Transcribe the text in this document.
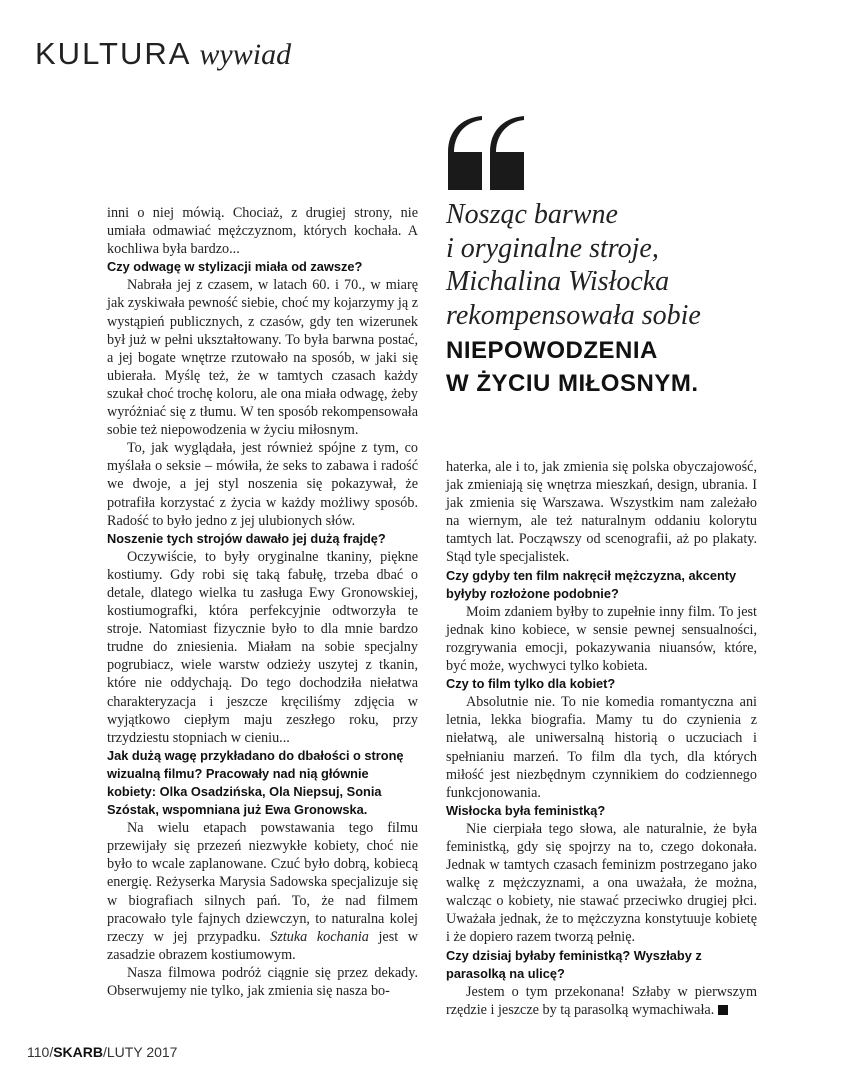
KULTURA wywiad
Nosząc barwne
i oryginalne stroje,
Michalina Wisłocka
rekompensowała sobie
NIEPOWODZENIA
W ŻYCIU MIŁOSNYM.

inni o niej mówią. Chociaż, z drugiej strony, nie umiała odmawiać mężczyznom, których kochała. A kochliwa była bardzo...

Czy odwagę w stylizacji miała od zawsze?

Nabrała jej z czasem, w latach 60. i 70., w miarę jak zyskiwała pewność siebie, choć my kojarzymy ją z wystąpień publicznych, z czasów, gdy ten wizerunek był już w pełni ukształtowany. To była barwna postać, a jej bogate wnętrze rzutowało na sposób, w jaki się ubierała. Myślę też, że w tamtych czasach każdy szukał choć trochę koloru, ale ona miała odwagę, żeby wyróżniać się z tłumu. W ten sposób rekompensowała sobie też niepowodzenia w życiu miłosnym.

To, jak wyglądała, jest również spójne z tym, co myślała o seksie – mówiła, że seks to zabawa i radość we dwoje, a jej styl noszenia się pokazywał, że potrafiła korzystać z życia w każdy możliwy sposób. Radość to było jedno z jej ulubionych słów.

Noszenie tych strojów dawało jej dużą frajdę?

Oczywiście, to były oryginalne tkaniny, piękne kostiumy. Gdy robi się taką fabułę, trzeba dbać o detale, dlatego wielka tu zasługa Ewy Gronowskiej, kostiumografki, która perfekcyjnie odtworzyła te stroje. Natomiast fizycznie było to dla mnie bardzo trudne do zniesienia. Miałam na sobie specjalny pogrubiacz, wiele warstw odzieży uszytej z tkanin, które nie oddychają. Do tego dochodziła niełatwa charakteryzacja i jeszcze kręciliśmy zdjęcia w wyjątkowo ciepłym maju zeszłego roku, przy trzydziestu stopniach w cieniu...

Jak dużą wagę przykładano do dbałości o stronę wizualną filmu? Pracowały nad nią głównie kobiety: Olka Osadzińska, Ola Niepsuj, Sonia Szóstak, wspomniana już Ewa Gronowska.

Na wielu etapach powstawania tego filmu przewijały się przezeń niezwykłe kobiety, choć nie było to wcale zaplanowane. Czuć było dobrą, kobiecą energię. Reżyserka Marysia Sadowska specjalizuje się w biografiach silnych pań. To, że nad filmem pracowało tyle fajnych dziewczyn, to naturalna kolej rzeczy w jej przypadku. Sztuka kochania jest w zasadzie obrazem kostiumowym.

Nasza filmowa podróż ciągnie się przez dekady. Obserwujemy nie tylko, jak zmienia się nasza bo-

haterka, ale i to, jak zmienia się polska obyczajowość, jak zmieniają się wnętrza mieszkań, design, ubrania. I jak zmienia się Warszawa. Wszystkim nam zależało na wiernym, ale też naturalnym oddaniu kolorytu tamtych lat. Począwszy od scenografii, aż po plakaty. Stąd tyle specjalistek.

Czy gdyby ten film nakręcił mężczyzna, akcenty byłyby rozłożone podobnie?

Moim zdaniem byłby to zupełnie inny film. To jest jednak kino kobiece, w sensie pewnej sensualności, rozgrywania emocji, pokazywania niuansów, które, być może, wychwyci tylko kobieta.

Czy to film tylko dla kobiet?

Absolutnie nie. To nie komedia romantyczna ani letnia, lekka biografia. Mamy tu do czynienia z niełatwą, ale uniwersalną historią o uczuciach i spełnianiu marzeń. To film dla tych, dla których miłość jest niezbędnym czynnikiem do codziennego funkcjonowania.

Wisłocka była feministką?

Nie cierpiała tego słowa, ale naturalnie, że była feministką, gdy się spojrzy na to, czego dokonała. Jednak w tamtych czasach feminizm postrzegano jako walkę z mężczyznami, a ona uważała, że można, walcząc o kobiety, nie stawać przeciwko drugiej płci. Uważała jednak, że to mężczyzna konstytuuje kobietę i że dopiero razem tworzą pełnię.

Czy dzisiaj byłaby feministką? Wyszłaby z parasolką na ulicę?

Jestem o tym przekonana! Szłaby w pierwszym rzędzie i jeszcze by tą parasolką wymachiwała.

110/SKARB/LUTY 2017
